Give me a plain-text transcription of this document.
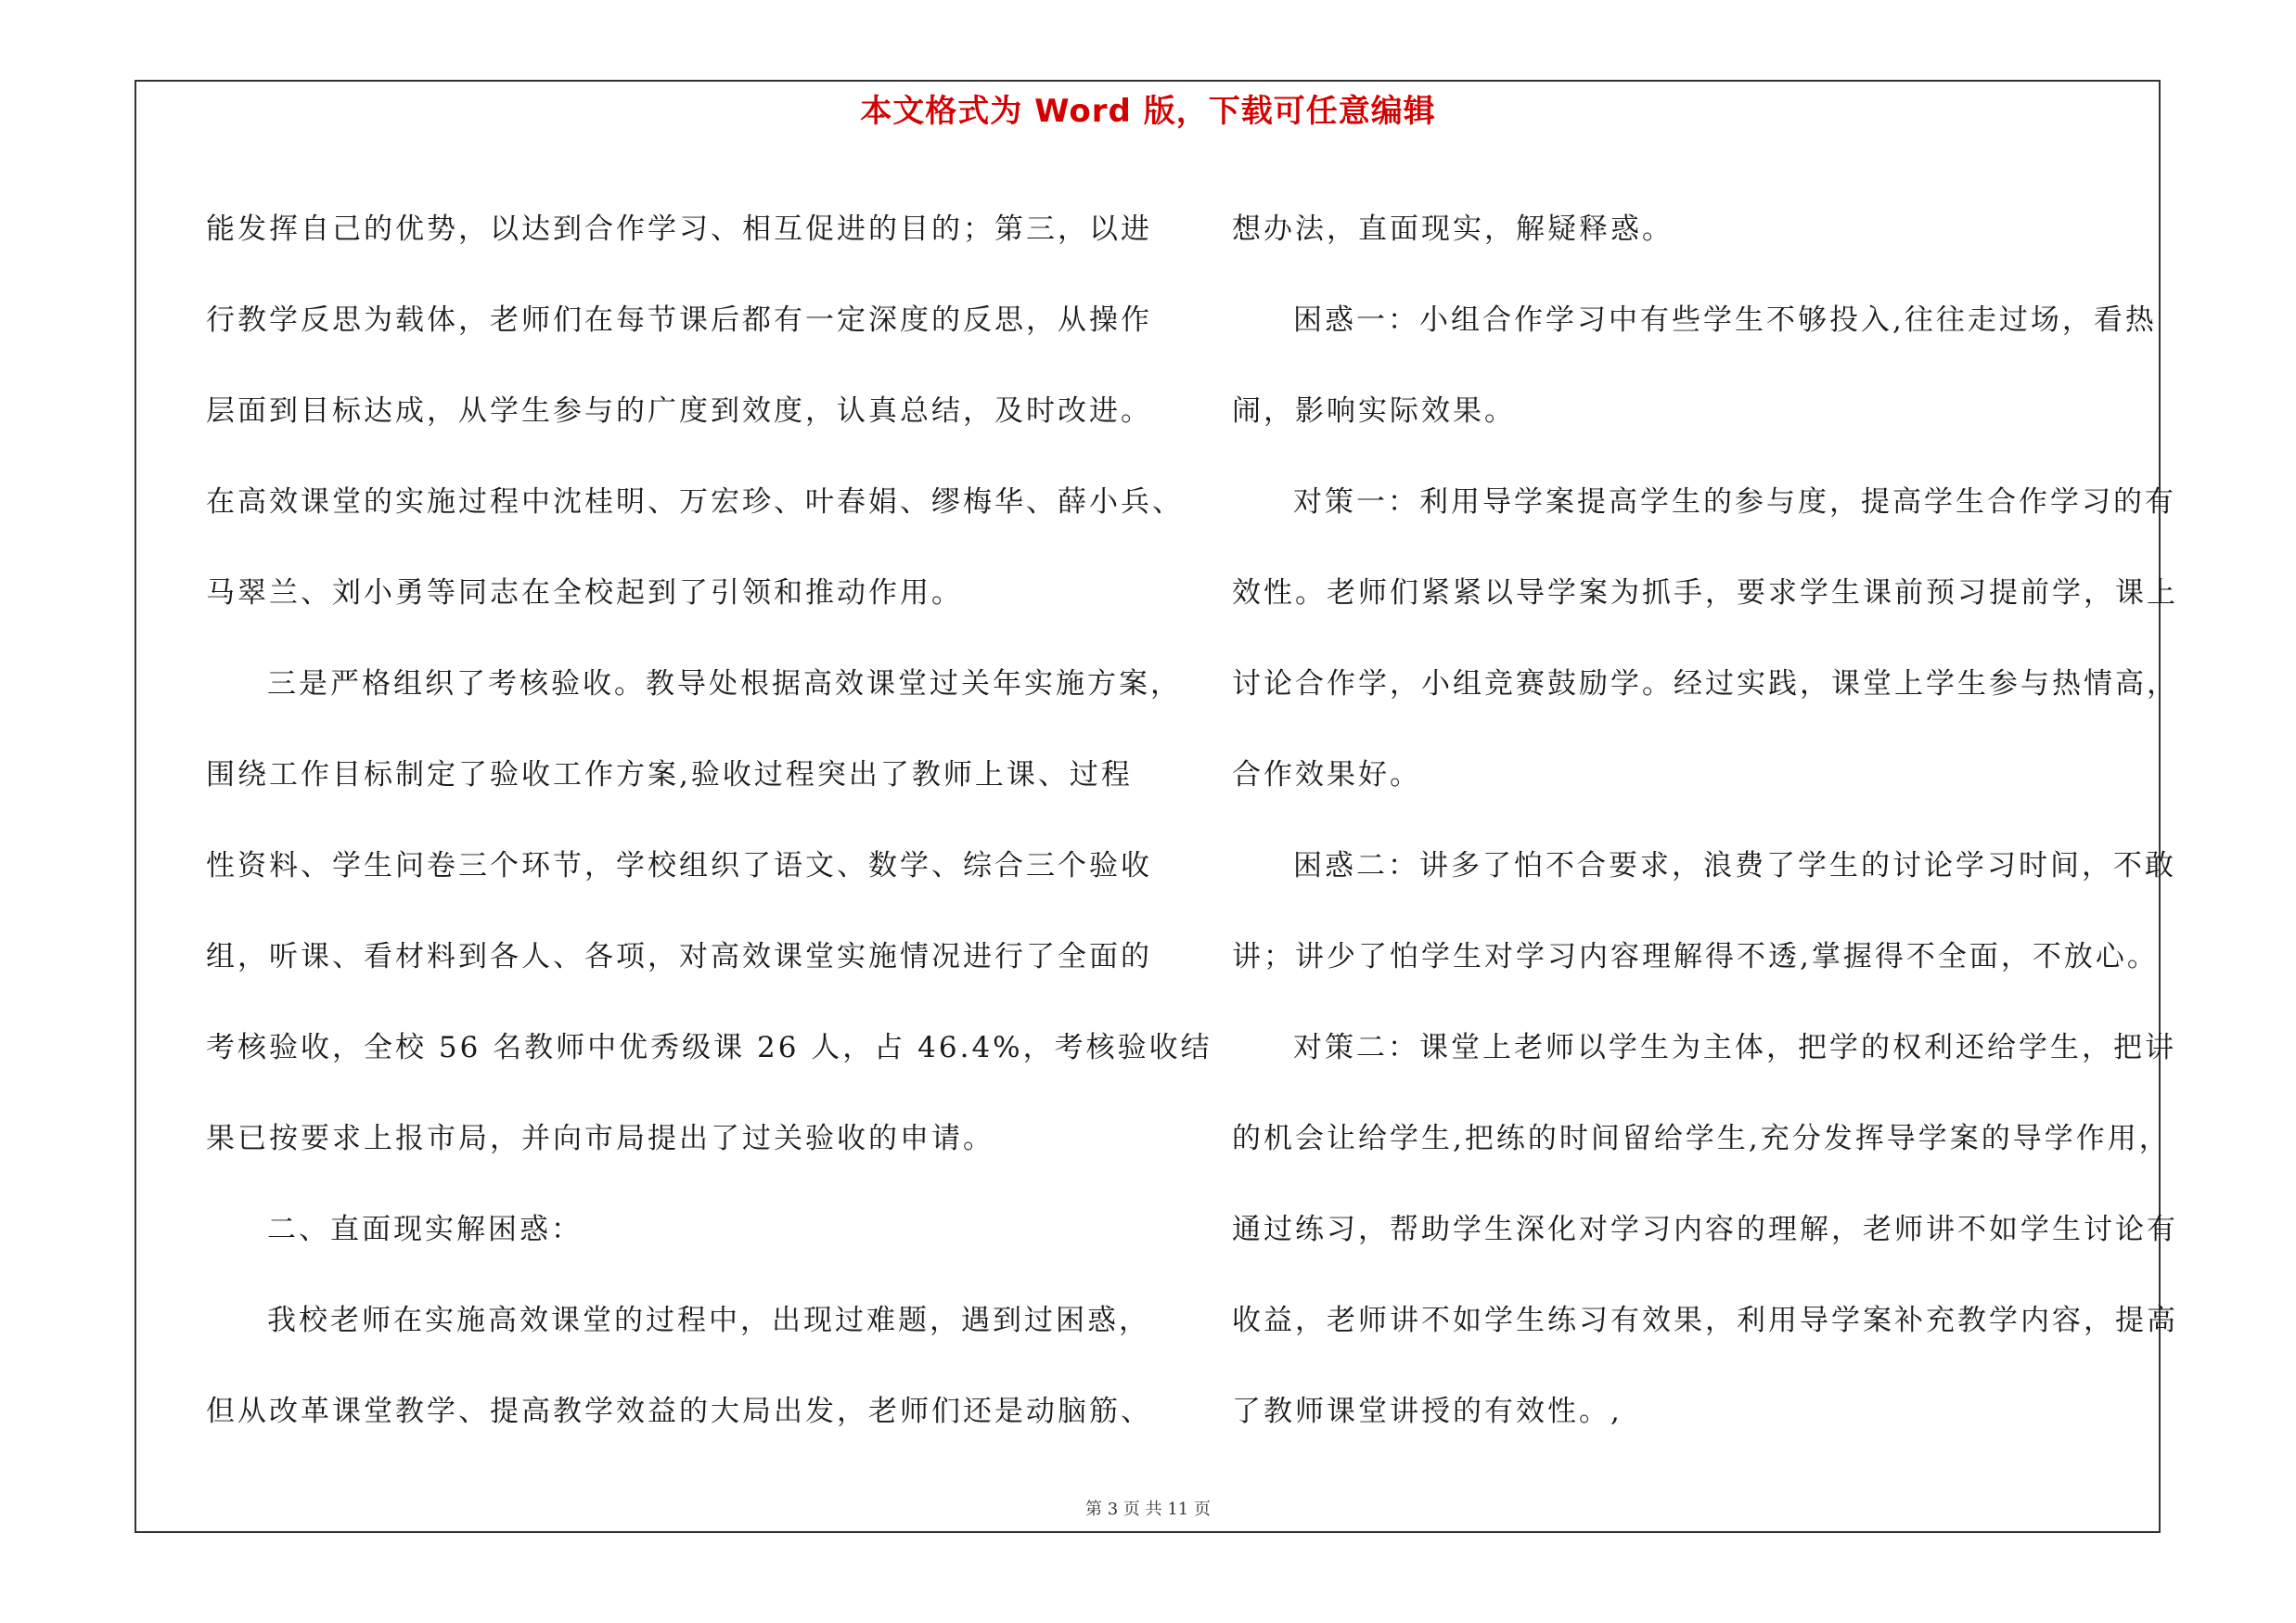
本文格式为 Word 版，下载可任意编辑
能发挥自己的优势，以达到合作学习、相互促进的目的；第三，以进
行教学反思为载体，老师们在每节课后都有一定深度的反思，从操作
层面到目标达成，从学生参与的广度到效度，认真总结，及时改进。
在高效课堂的实施过程中沈桂明、万宏珍、叶春娟、缪梅华、薛小兵、
马翠兰、刘小勇等同志在全校起到了引领和推动作用。
三是严格组织了考核验收。教导处根据高效课堂过关年实施方案，
围绕工作目标制定了验收工作方案,验收过程突出了教师上课、过程
性资料、学生问卷三个环节，学校组织了语文、数学、综合三个验收
组，听课、看材料到各人、各项，对高效课堂实施情况进行了全面的
考核验收，全校 56 名教师中优秀级课 26 人，占 46.4%，考核验收结
果已按要求上报市局，并向市局提出了过关验收的申请。
二、直面现实解困惑：
我校老师在实施高效课堂的过程中，出现过难题，遇到过困惑，
但从改革课堂教学、提高教学效益的大局出发，老师们还是动脑筋、
想办法，直面现实，解疑释惑。
困惑一：小组合作学习中有些学生不够投入,往往走过场，看热
闹，影响实际效果。
对策一：利用导学案提高学生的参与度，提高学生合作学习的有
效性。老师们紧紧以导学案为抓手，要求学生课前预习提前学，课上
讨论合作学，小组竞赛鼓励学。经过实践，课堂上学生参与热情高，
合作效果好。
困惑二：讲多了怕不合要求，浪费了学生的讨论学习时间，不敢
讲；讲少了怕学生对学习内容理解得不透,掌握得不全面，不放心。
对策二：课堂上老师以学生为主体，把学的权利还给学生，把讲
的机会让给学生,把练的时间留给学生,充分发挥导学案的导学作用，
通过练习，帮助学生深化对学习内容的理解，老师讲不如学生讨论有
收益，老师讲不如学生练习有效果，利用导学案补充教学内容，提高
了教师课堂讲授的有效性。,
第 3 页 共 11 页
